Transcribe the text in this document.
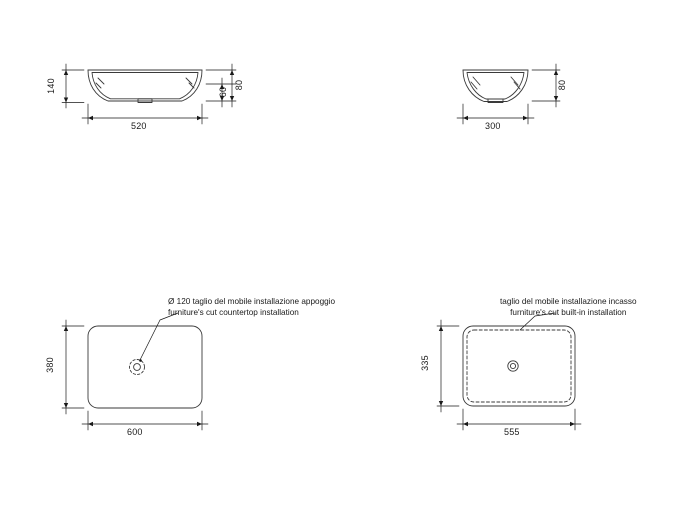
520
140	60
80
300
80
600
380
Ø 120 taglio del mobile installazione appoggio
furniture's cut countertop installation
555
335
taglio del mobile installazione incasso
furniture's cut built-in installation
